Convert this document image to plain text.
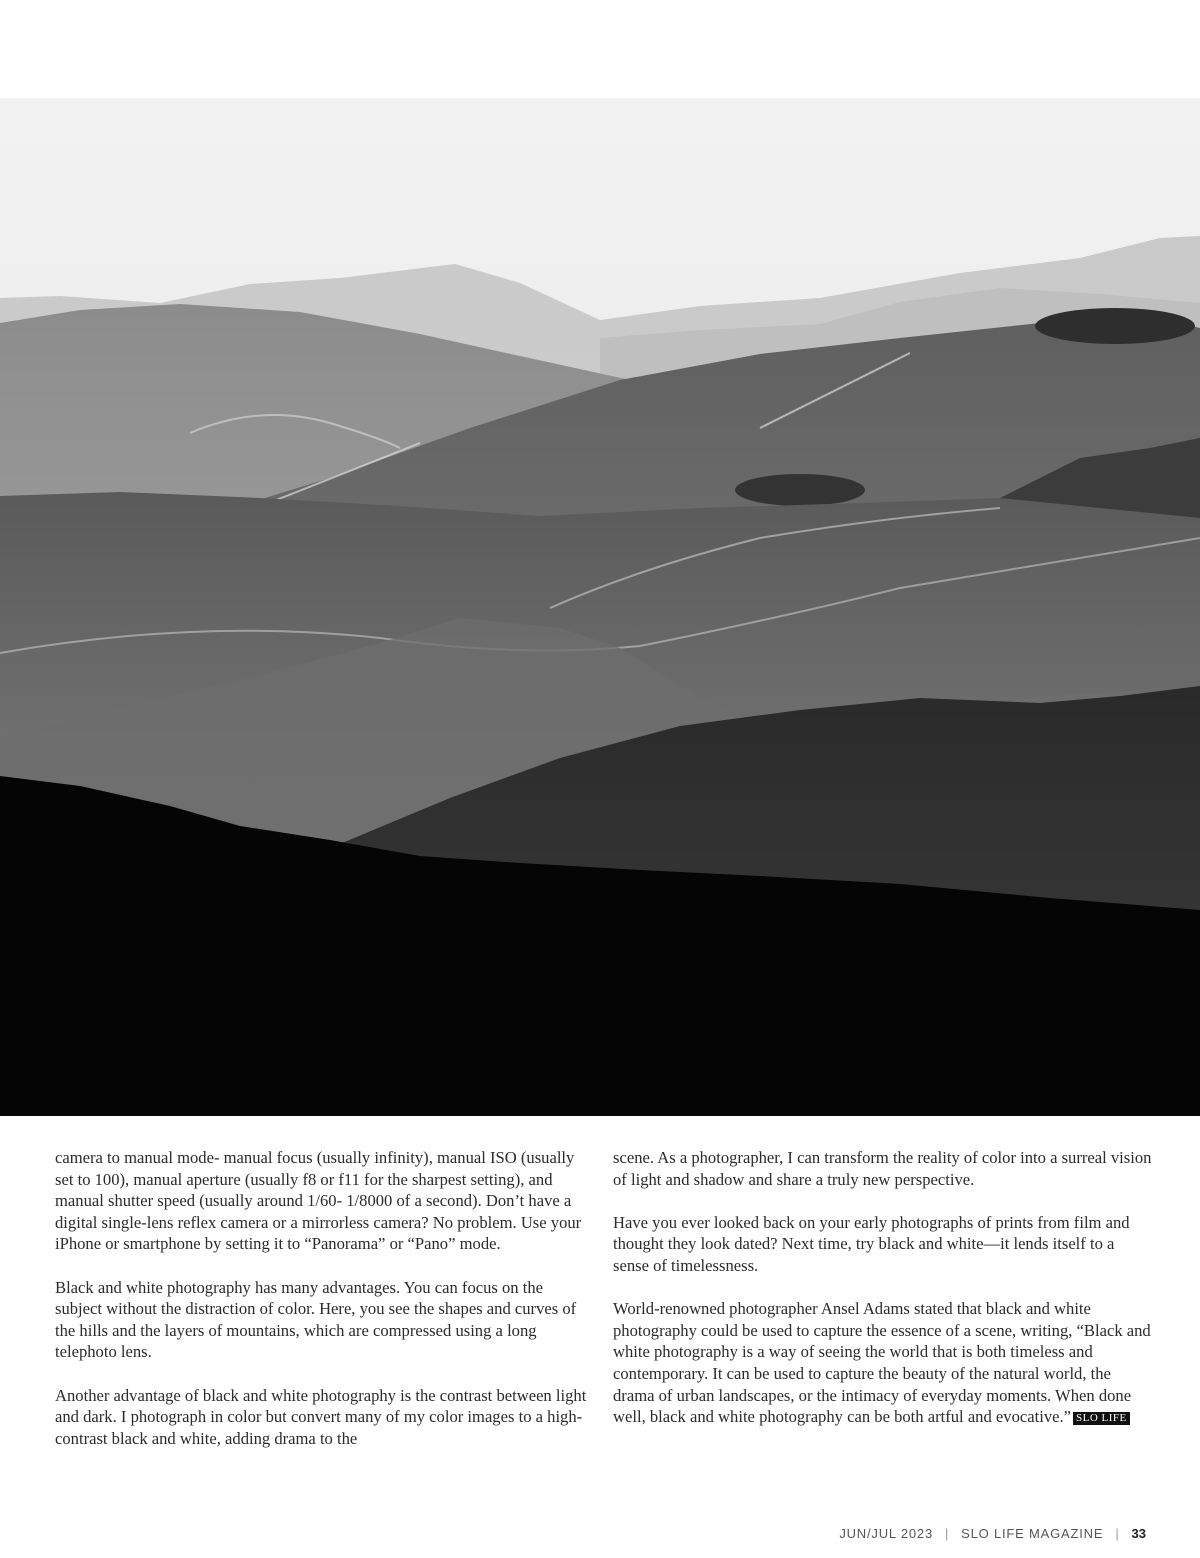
camera to manual mode- manual focus (usually infinity), manual ISO (usually set to 100), manual aperture (usually f8 or f11 for the sharpest setting), and manual shutter speed (usually around 1/60- 1/8000 of a second). Don’t have a digital single-lens reflex camera or a mirrorless camera? No problem. Use your iPhone or smartphone by setting it to “Panorama” or “Pano” mode.

Black and white photography has many advantages. You can focus on the subject without the distraction of color. Here, you see the shapes and curves of the hills and the layers of mountains, which are compressed using a long telephoto lens.

Another advantage of black and white photography is the contrast between light and dark. I photograph in color but convert many of my color images to a high-contrast black and white, adding drama to the

scene. As a photographer, I can transform the reality of color into a surreal vision of light and shadow and share a truly new perspective.

Have you ever looked back on your early photographs of prints from film and thought they look dated? Next time, try black and white—it lends itself to a sense of timelessness.

World-renowned photographer Ansel Adams stated that black and white photography could be used to capture the essence of a scene, writing, “Black and white photography is a way of seeing the world that is both timeless and contemporary. It can be used to capture the beauty of the natural world, the drama of urban landscapes, or the intimacy of everyday moments. When done well, black and white photography can be both artful and evocative.” SLO LIFE

JUN/JUL 2023 | SLO LIFE MAGAZINE | 33
